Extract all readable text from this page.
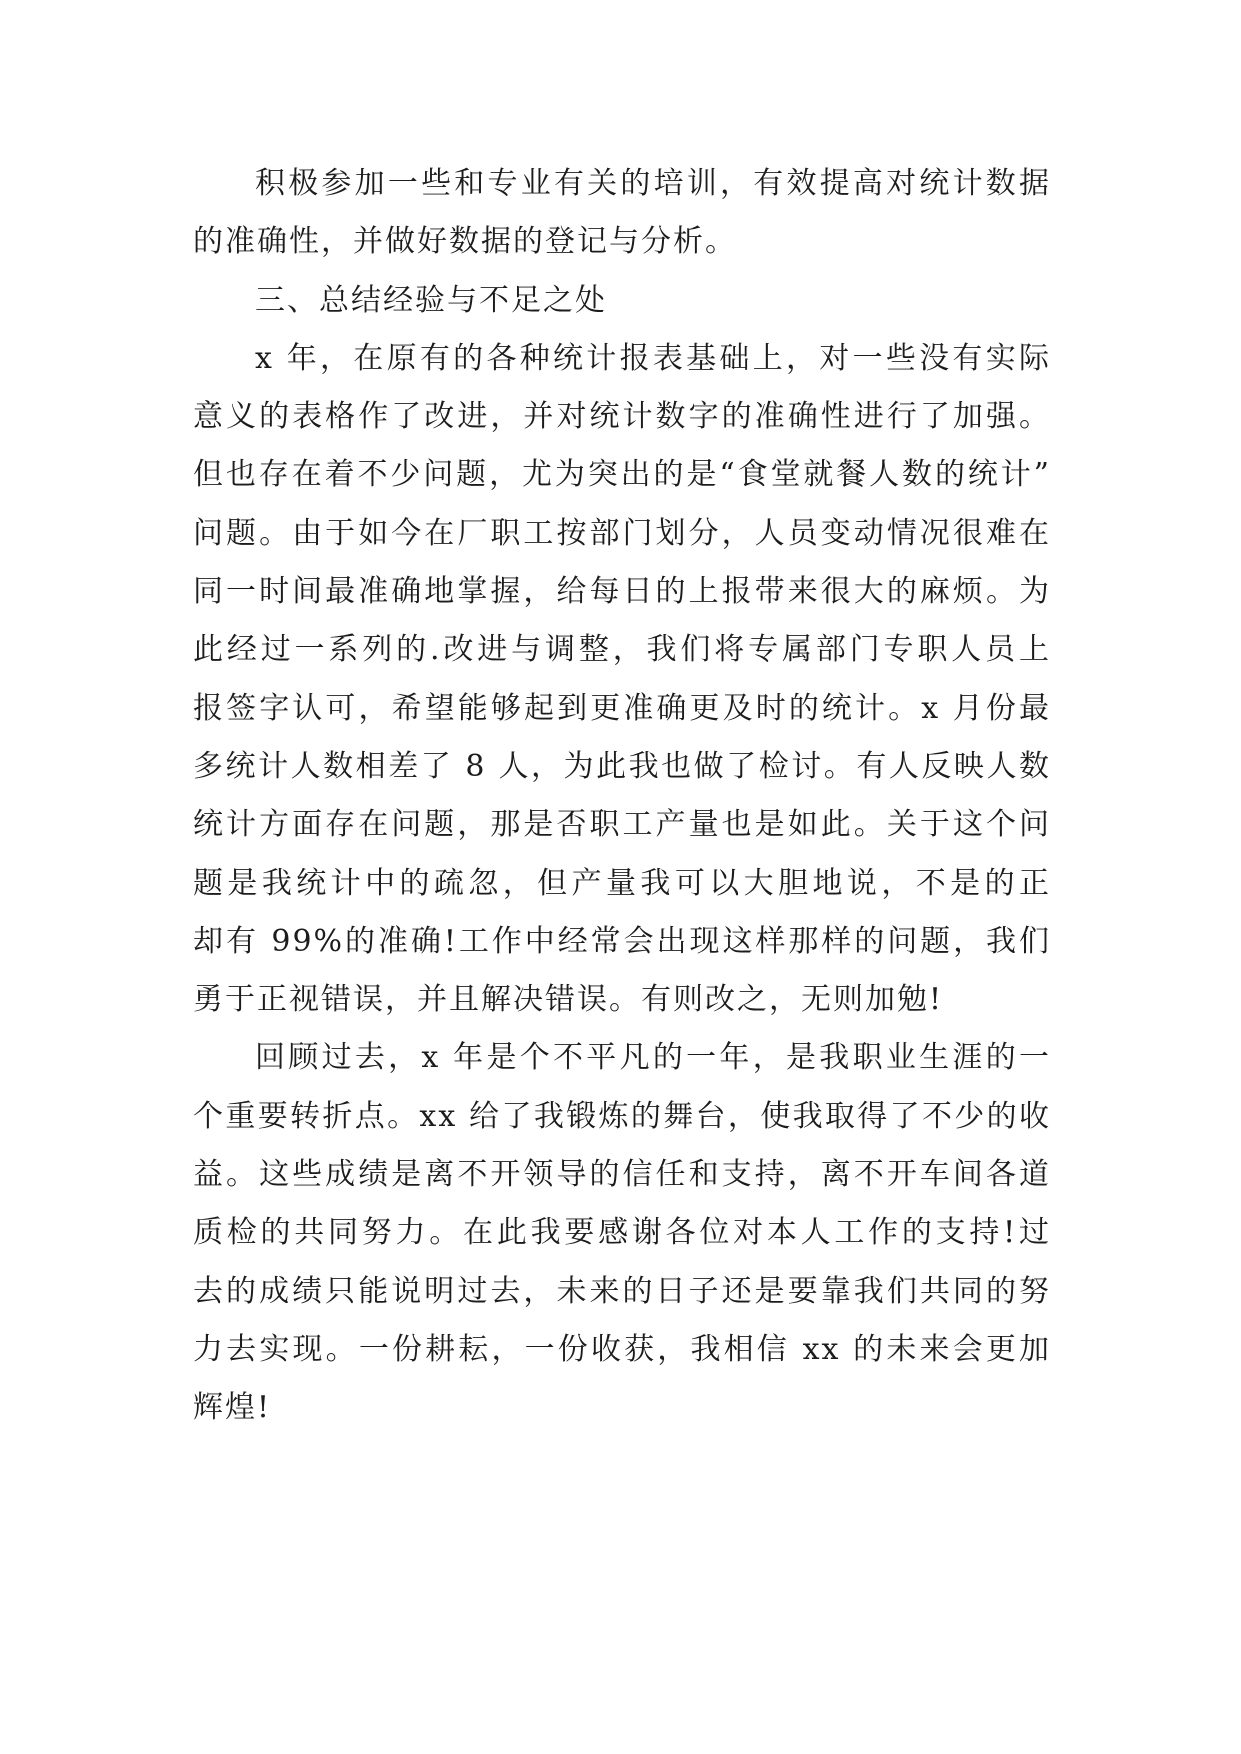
积极参加一些和专业有关的培训，有效提高对统计数据
的准确性，并做好数据的登记与分析。
三、总结经验与不足之处
x 年，在原有的各种统计报表基础上，对一些没有实际
意义的表格作了改进，并对统计数字的准确性进行了加强。
但也存在着不少问题，尤为突出的是“食堂就餐人数的统计”
问题。由于如今在厂职工按部门划分，人员变动情况很难在
同一时间最准确地掌握，给每日的上报带来很大的麻烦。为
此经过一系列的.改进与调整，我们将专属部门专职人员上
报签字认可，希望能够起到更准确更及时的统计。x 月份最
多统计人数相差了 8 人，为此我也做了检讨。有人反映人数
统计方面存在问题，那是否职工产量也是如此。关于这个问
题是我统计中的疏忽，但产量我可以大胆地说，不是的正
却有 99%的准确!工作中经常会出现这样那样的问题，我们
勇于正视错误，并且解决错误。有则改之，无则加勉!
回顾过去，x 年是个不平凡的一年，是我职业生涯的一
个重要转折点。xx 给了我锻炼的舞台，使我取得了不少的收
益。这些成绩是离不开领导的信任和支持，离不开车间各道
质检的共同努力。在此我要感谢各位对本人工作的支持!过
去的成绩只能说明过去，未来的日子还是要靠我们共同的努
力去实现。一份耕耘，一份收获，我相信 xx 的未来会更加
辉煌!
